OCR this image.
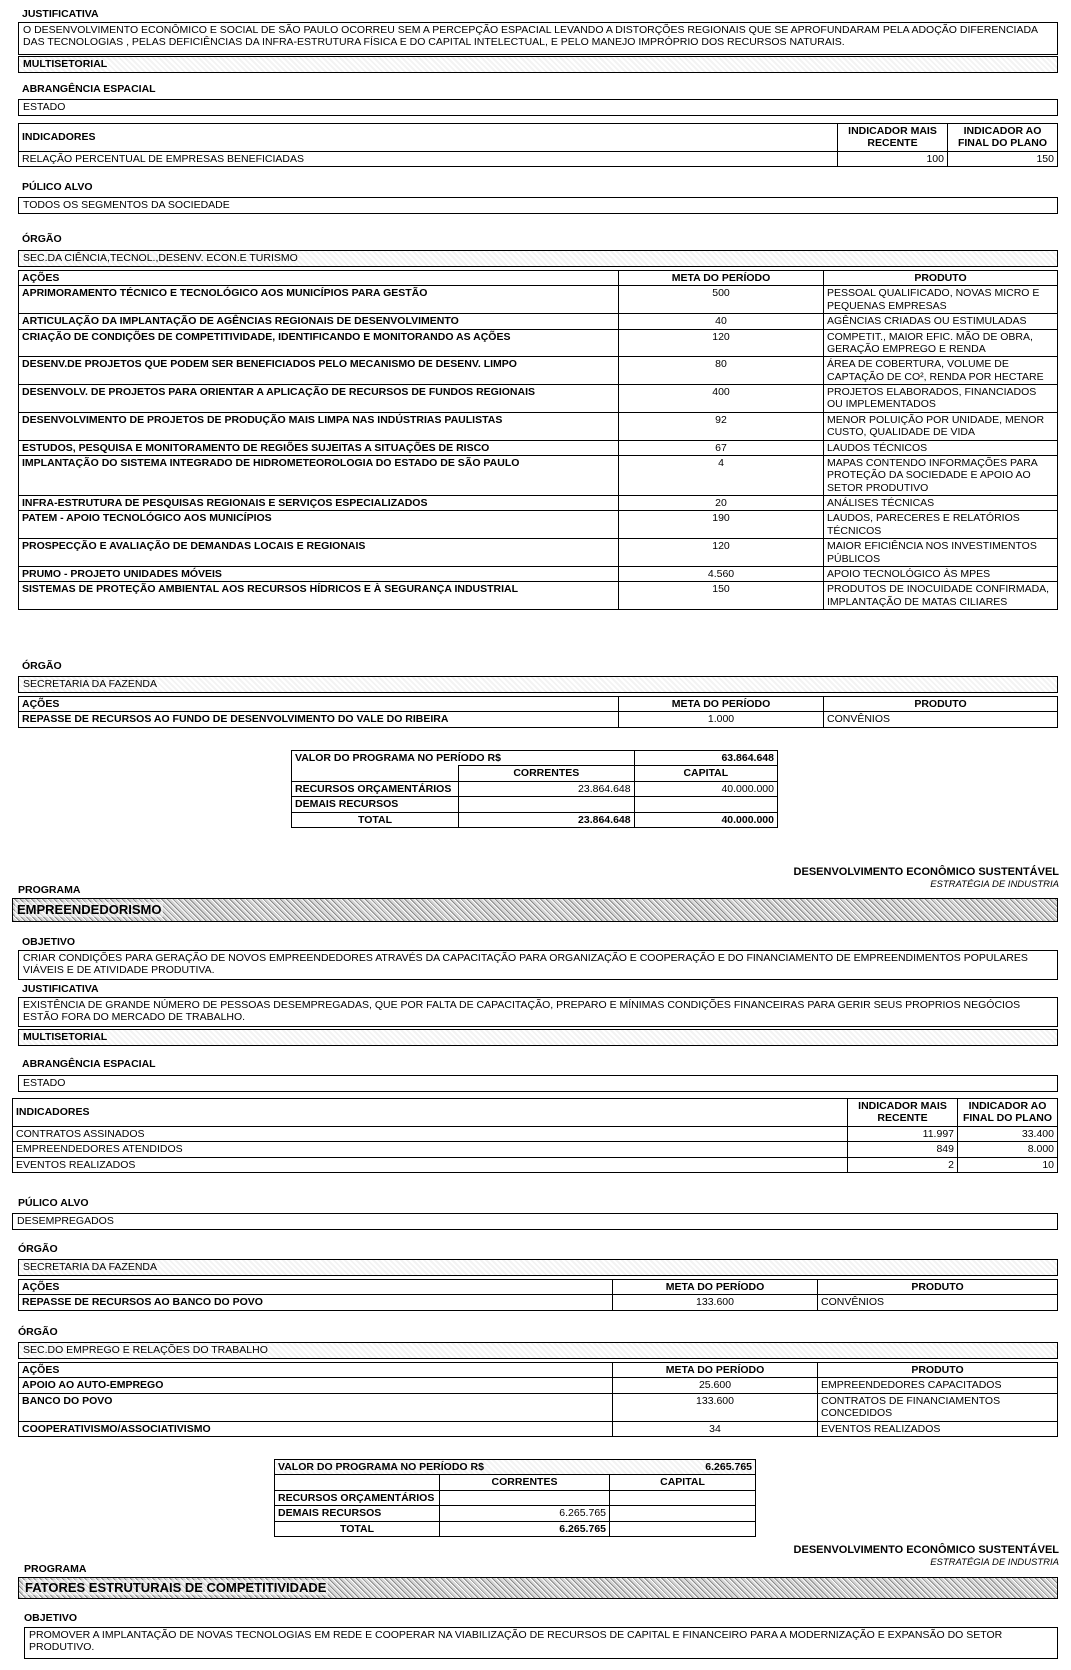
JUSTIFICATIVA
O DESENVOLVIMENTO ECONÔMICO E SOCIAL DE SÃO PAULO OCORREU SEM A PERCEPÇÃO ESPACIAL LEVANDO A DISTORÇÕES REGIONAIS QUE SE APROFUNDARAM PELA ADOÇÃO DIFERENCIADA DAS TECNOLOGIAS , PELAS DEFICIÊNCIAS DA INFRA-ESTRUTURA FÍSICA E DO CAPITAL INTELECTUAL, E PELO MANEJO IMPRÓPRIO DOS RECURSOS NATURAIS.
MULTISETORIAL
ABRANGÊNCIA ESPACIAL
ESTADO
INDICADORES	INDICADOR MAIS RECENTE	INDICADOR AO FINAL DO PLANO
RELAÇÃO PERCENTUAL DE EMPRESAS BENEFICIADAS	100	150
PÚLICO ALVO
TODOS OS SEGMENTOS DA SOCIEDADE
ÓRGÃO
SEC.DA CIÊNCIA,TECNOL.,DESENV. ECON.E TURISMO
AÇÕES	META DO PERÍODO	PRODUTO
APRIMORAMENTO TÉCNICO E TECNOLÓGICO AOS MUNICÍPIOS PARA GESTÃO	500	PESSOAL QUALIFICADO, NOVAS MICRO E PEQUENAS EMPRESAS
ARTICULAÇÃO DA IMPLANTAÇÃO DE AGÊNCIAS REGIONAIS DE DESENVOLVIMENTO	40	AGÊNCIAS CRIADAS OU ESTIMULADAS
CRIAÇÃO DE CONDIÇÕES DE COMPETITIVIDADE, IDENTIFICANDO E MONITORANDO AS AÇÕES	120	COMPETIT., MAIOR EFIC. MÃO DE OBRA, GERAÇÃO EMPREGO E RENDA
DESENV.DE PROJETOS QUE PODEM SER BENEFICIADOS PELO MECANISMO DE DESENV. LIMPO	80	ÁREA DE COBERTURA, VOLUME DE CAPTAÇÃO DE CO², RENDA POR HECTARE
DESENVOLV. DE PROJETOS PARA ORIENTAR A APLICAÇÃO DE RECURSOS DE FUNDOS REGIONAIS	400	PROJETOS ELABORADOS, FINANCIADOS OU IMPLEMENTADOS
DESENVOLVIMENTO DE PROJETOS DE PRODUÇÃO MAIS LIMPA NAS INDÚSTRIAS PAULISTAS	92	MENOR POLUIÇÃO POR UNIDADE, MENOR CUSTO, QUALIDADE DE VIDA
ESTUDOS, PESQUISA E MONITORAMENTO DE REGIÕES SUJEITAS A SITUAÇÕES DE RISCO	67	LAUDOS TÉCNICOS
IMPLANTAÇÃO DO SISTEMA INTEGRADO DE HIDROMETEOROLOGIA DO ESTADO DE SÃO PAULO	4	MAPAS CONTENDO INFORMAÇÕES PARA PROTEÇÃO DA SOCIEDADE E APOIO AO SETOR PRODUTIVO
INFRA-ESTRUTURA DE PESQUISAS REGIONAIS E SERVIÇOS ESPECIALIZADOS	20	ANÁLISES TÉCNICAS
PATEM - APOIO TECNOLÓGICO AOS MUNICÍPIOS	190	LAUDOS, PARECERES E RELATÓRIOS TÉCNICOS
PROSPECÇÃO E AVALIAÇÃO DE DEMANDAS LOCAIS E REGIONAIS	120	MAIOR EFICIÊNCIA NOS INVESTIMENTOS PÚBLICOS
PRUMO - PROJETO UNIDADES MÓVEIS	4.560	APOIO TECNOLÓGICO ÀS MPES
SISTEMAS DE PROTEÇÃO AMBIENTAL AOS RECURSOS HÍDRICOS E À SEGURANÇA INDUSTRIAL	150	PRODUTOS DE INOCUIDADE CONFIRMADA, IMPLANTAÇÃO DE MATAS CILIARES
ÓRGÃO
SECRETARIA DA FAZENDA
AÇÕES	META DO PERÍODO	PRODUTO
REPASSE DE RECURSOS AO FUNDO DE DESENVOLVIMENTO DO VALE DO RIBEIRA	1.000	CONVÊNIOS
VALOR DO PROGRAMA NO PERÍODO R$		63.864.648
	CORRENTES	CAPITAL
RECURSOS ORÇAMENTÁRIOS	23.864.648	40.000.000
DEMAIS RECURSOS		
TOTAL	23.864.648	40.000.000
DESENVOLVIMENTO ECONÔMICO SUSTENTÁVEL
ESTRATÉGIA DE INDUSTRIA
PROGRAMA
EMPREENDEDORISMO
OBJETIVO
CRIAR CONDIÇÕES PARA GERAÇÃO DE NOVOS EMPREENDEDORES ATRAVÉS DA CAPACITAÇÃO PARA ORGANIZAÇÃO E COOPERAÇÃO E DO FINANCIAMENTO DE EMPREENDIMENTOS POPULARES VIÁVEIS E DE ATIVIDADE PRODUTIVA.
JUSTIFICATIVA
EXISTÊNCIA DE GRANDE NÚMERO DE PESSOAS DESEMPREGADAS, QUE POR FALTA DE CAPACITAÇÃO, PREPARO E MÍNIMAS CONDIÇÕES FINANCEIRAS PARA GERIR SEUS PROPRIOS NEGÓCIOS ESTÃO FORA DO MERCADO DE TRABALHO.
MULTISETORIAL
ABRANGÊNCIA ESPACIAL
ESTADO
INDICADORES	INDICADOR MAIS RECENTE	INDICADOR AO FINAL DO PLANO
CONTRATOS ASSINADOS	11.997	33.400
EMPREENDEDORES ATENDIDOS	849	8.000
EVENTOS REALIZADOS	2	10
PÚLICO ALVO
DESEMPREGADOS
ÓRGÃO
SECRETARIA DA FAZENDA
AÇÕES	META DO PERÍODO	PRODUTO
REPASSE DE RECURSOS AO BANCO DO POVO	133.600	CONVÊNIOS
ÓRGÃO
SEC.DO EMPREGO E RELAÇÕES DO TRABALHO
AÇÕES	META DO PERÍODO	PRODUTO
APOIO AO AUTO-EMPREGO	25.600	EMPREENDEDORES CAPACITADOS
BANCO DO POVO	133.600	CONTRATOS DE FINANCIAMENTOS CONCEDIDOS
COOPERATIVISMO/ASSOCIATIVISMO	34	EVENTOS REALIZADOS
VALOR DO PROGRAMA NO PERÍODO R$		6.265.765
	CORRENTES	CAPITAL
RECURSOS ORÇAMENTÁRIOS		
DEMAIS RECURSOS	6.265.765	
TOTAL	6.265.765	
DESENVOLVIMENTO ECONÔMICO SUSTENTÁVEL
ESTRATÉGIA DE INDUSTRIA
PROGRAMA
FATORES ESTRUTURAIS DE COMPETITIVIDADE
OBJETIVO
PROMOVER A IMPLANTAÇÃO DE NOVAS TECNOLOGIAS EM REDE E COOPERAR NA VIABILIZAÇÃO DE RECURSOS DE CAPITAL E FINANCEIRO PARA A MODERNIZAÇÃO E EXPANSÃO DO SETOR PRODUTIVO.
